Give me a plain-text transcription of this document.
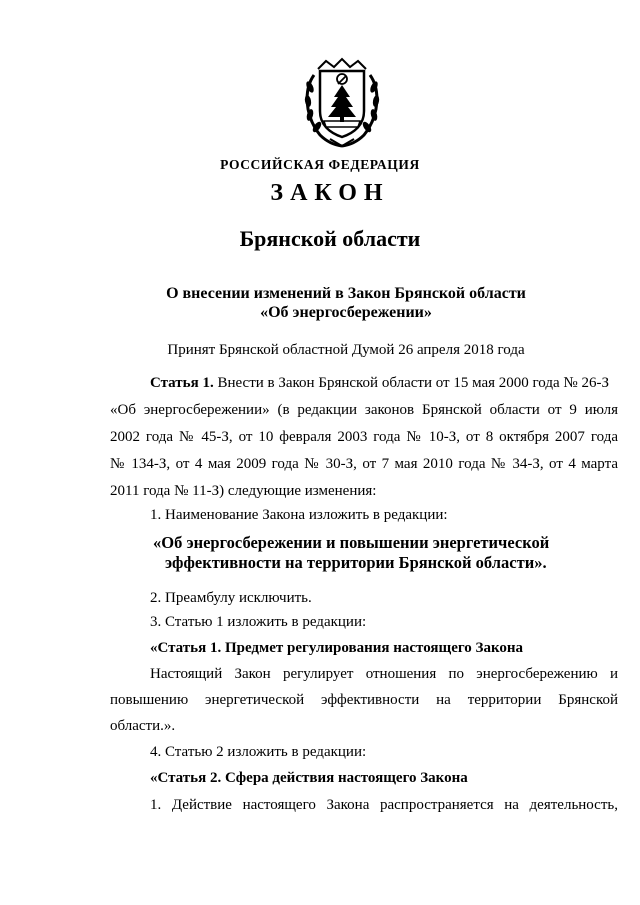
РОССИЙСКАЯ ФЕДЕРАЦИЯ
ЗАКОН
Брянской области
О внесении изменений в Закон Брянской области
«Об энергосбережении»
Принят Брянской областной Думой 26 апреля 2018 года
Статья 1. Внести в Закон Брянской области от 15 мая 2000 года № 26-З
«Об энергосбережении» (в редакции законов Брянской области от 9 июля
2002 года № 45-З, от 10 февраля 2003 года № 10-З, от 8 октября 2007 года
№ 134-З, от 4 мая 2009 года № 30-З, от 7 мая 2010 года № 34-З, от 4 марта
2011 года № 11-З) следующие изменения:
1. Наименование Закона изложить в редакции:
«Об энергосбережении и повышении энергетической
эффективности на территории Брянской области».
2. Преамбулу исключить.
3. Статью 1 изложить в редакции:
«Статья 1. Предмет регулирования настоящего Закона
Настоящий Закон регулирует отношения по энергосбережению и
повышению энергетической эффективности на территории Брянской
области.».
4. Статью 2 изложить в редакции:
«Статья 2. Сфера действия настоящего Закона
1. Действие настоящего Закона распространяется на деятельность,
